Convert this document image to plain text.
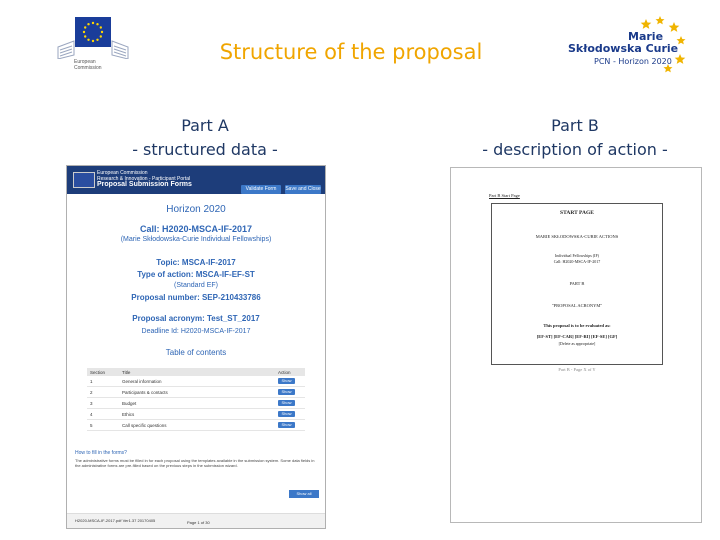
European
Commission
Structure of the proposal
Marie
Skłodowska Curie
PCN - Horizon 2020
Part A
- structured data -
Part B
- description of action -
European Commission
Research & Innovation - Participant Portal
Proposal Submission Forms
Validate Form	Save and Close
Horizon 2020
Call: H2020-MSCA-IF-2017
(Marie Skłodowska-Curie Individual Fellowships)
Topic: MSCA-IF-2017
Type of action: MSCA-IF-EF-ST
(Standard EF)
Proposal number: SEP-210433786
Proposal acronym: Test_ST_2017
Deadline Id: H2020-MSCA-IF-2017
Table of contents
Section	Title	Action
1	General information	Show
2	Participants & contacts	Show
3	Budget	Show
4	Ethics	Show
5	Call specific questions	Show
How to fill in the forms?
The administrative forms must be filled in for each proposal using the templates available in the submission system. Some data fields in the administrative forms are pre-filled based on the previous steps in the submission wizard.
Show all
H2020-MSCA-IF-2017.pdf Ver1.37 20170405	Page 1 of 30
Part B Start Page
START PAGE
MARIE SKŁODOWSKA-CURIE ACTIONS
Individual Fellowships (IF)
Call: H2020-MSCA-IF-2017
PART B
"PROPOSAL ACRONYM"
This proposal is to be evaluated as:
[EF-ST] [EF-CAR] [EF-RI] [EF-SE] [GF]
[Delete as appropriate]
Part B - Page X of Y
